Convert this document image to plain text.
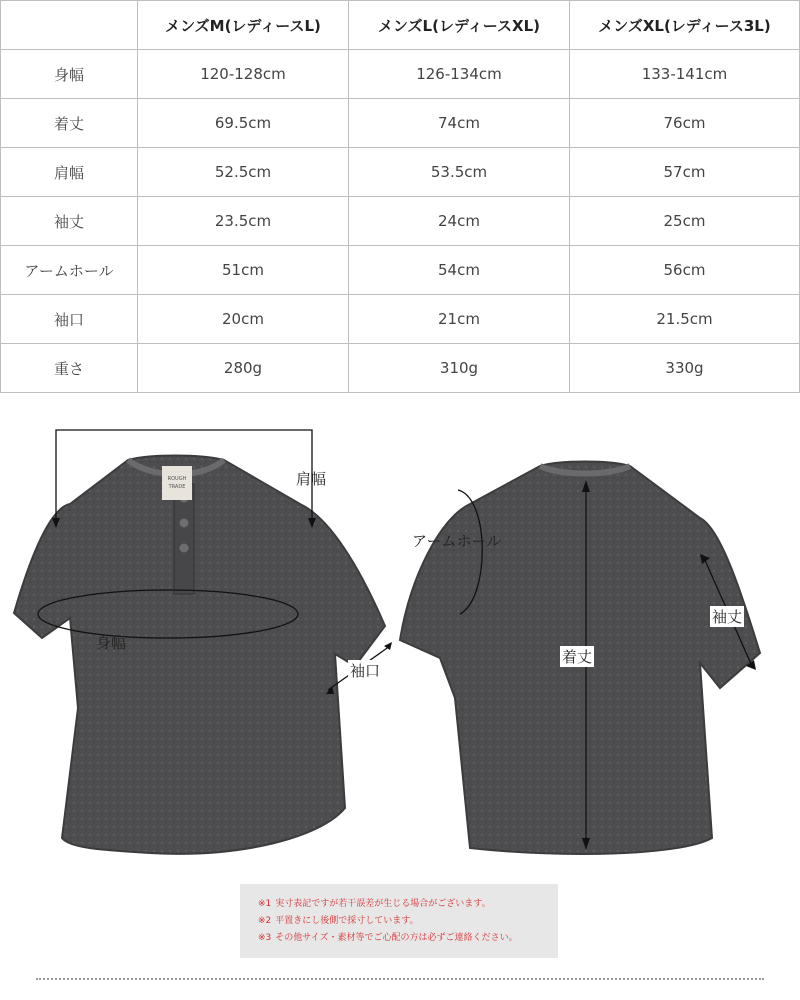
	メンズM(レディースL)	メンズL(レディースXL)	メンズXL(レディース3L)
身幅	120-128cm	126-134cm	133-141cm
着丈	69.5cm	74cm	76cm
肩幅	52.5cm	53.5cm	57cm
袖丈	23.5cm	24cm	25cm
アームホール	51cm	54cm	56cm
袖口	20cm	21cm	21.5cm
重さ	280g	310g	330g
ROUGH
TRADE	肩幅
身幅
袖口
アームホール
着丈
袖丈
※1 実寸表記ですが若干誤差が生じる場合がございます。
※2 平置きにし後側で採寸しています。
※3 その他サイズ・素材等でご心配の方は必ずご連絡ください。
